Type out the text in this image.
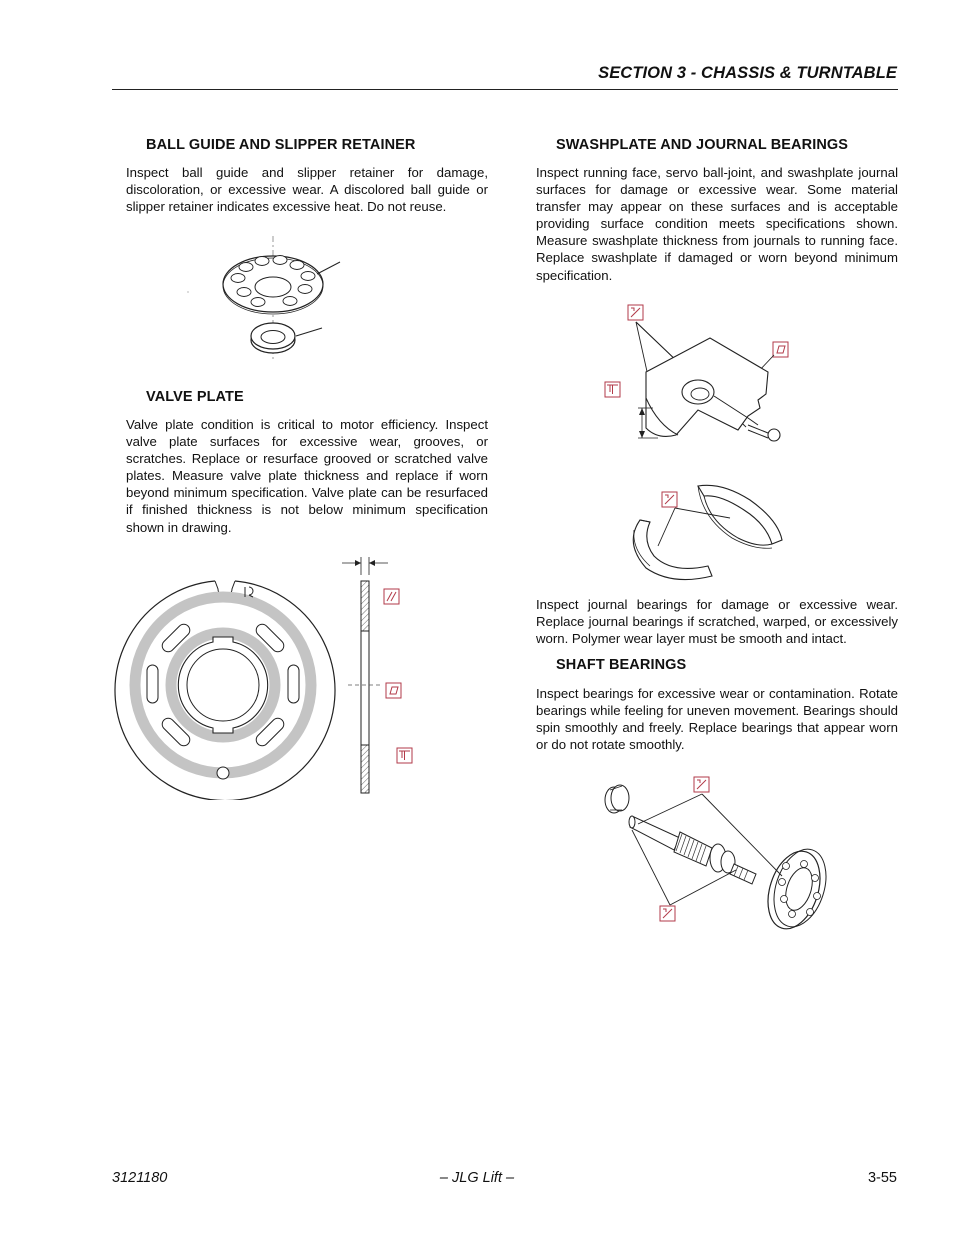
SECTION 3 - CHASSIS & TURNTABLE
BALL GUIDE AND SLIPPER RETAINER

Inspect ball guide and slipper retainer for damage, discoloration, or excessive wear. A discolored ball guide or slipper retainer indicates excessive heat. Do not reuse.

VALVE PLATE

Valve plate condition is critical to motor efficiency. Inspect valve plate surfaces for excessive wear, grooves, or scratches. Replace or resurface grooved or scratched valve plates. Measure valve plate thickness and replace if worn beyond minimum specification. Valve plate can be resurfaced if finished thickness is not below minimum specification shown in drawing.

SWASHPLATE AND JOURNAL BEARINGS

Inspect running face, servo ball-joint, and swashplate journal surfaces for damage or excessive wear. Some material transfer may appear on these surfaces and is acceptable providing surface condition meets specifications shown. Measure swashplate thickness from journals to running face. Replace swashplate if damaged or worn beyond minimum specification.

Inspect journal bearings for damage or excessive wear. Replace journal bearings if scratched, warped, or excessively worn. Polymer wear layer must be smooth and intact.

SHAFT BEARINGS

Inspect bearings for excessive wear or contamination. Rotate bearings while feeling for uneven movement. Bearings should spin smoothly and freely. Replace bearings that appear worn or do not rotate smoothly.

3121180	– JLG Lift –	3-55
